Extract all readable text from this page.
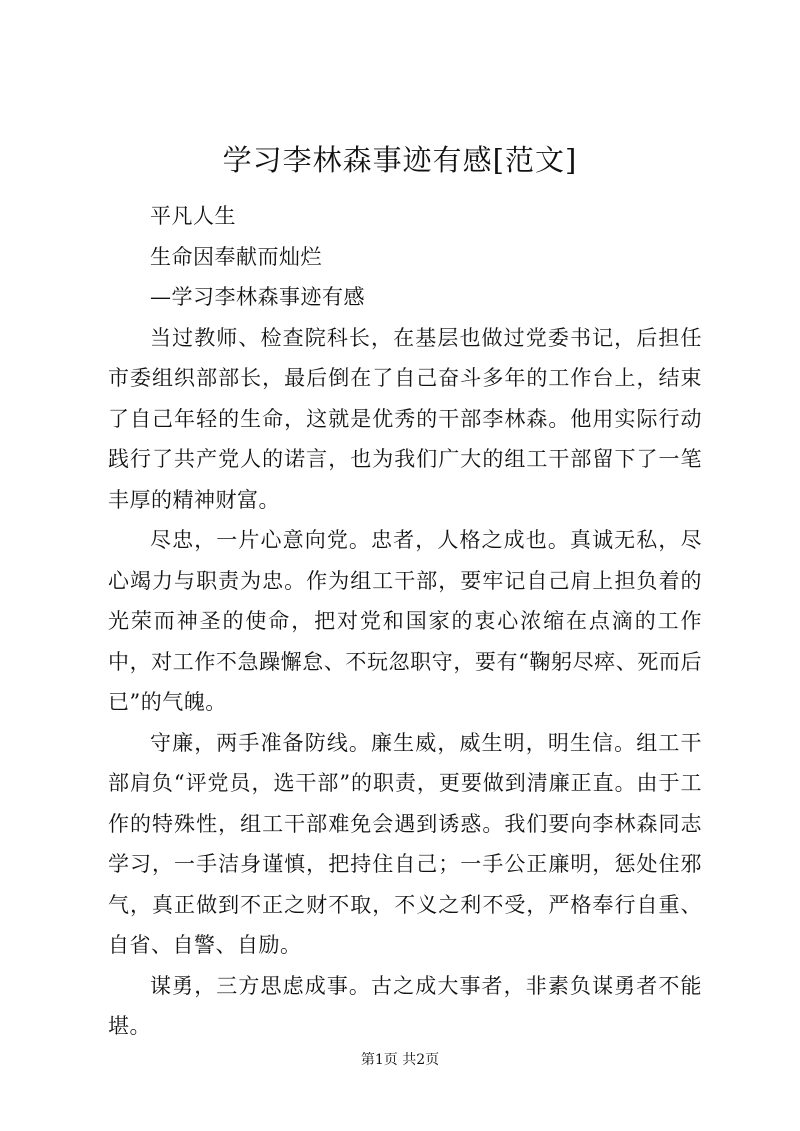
学习李林森事迹有感[范文]

平凡人生

生命因奉献而灿烂

—学习李林森事迹有感

当过教师、检查院科长，在基层也做过党委书记，后担任市委组织部部长，最后倒在了自己奋斗多年的工作台上，结束了自己年轻的生命，这就是优秀的干部李林森。他用实际行动践行了共产党人的诺言，也为我们广大的组工干部留下了一笔丰厚的精神财富。

尽忠，一片心意向党。忠者，人格之成也。真诚无私，尽心竭力与职责为忠。作为组工干部，要牢记自己肩上担负着的光荣而神圣的使命，把对党和国家的衷心浓缩在点滴的工作中，对工作不急躁懈怠、不玩忽职守，要有“鞠躬尽瘁、死而后已”的气魄。

守廉，两手准备防线。廉生威，威生明，明生信。组工干部肩负“评党员，选干部”的职责，更要做到清廉正直。由于工作的特殊性，组工干部难免会遇到诱惑。我们要向李林森同志学习，一手洁身谨慎，把持住自己；一手公正廉明，惩处住邪气，真正做到不正之财不取，不义之利不受，严格奉行自重、自省、自警、自励。

谋勇，三方思虑成事。古之成大事者，非素负谋勇者不能堪。

第1页 共2页
